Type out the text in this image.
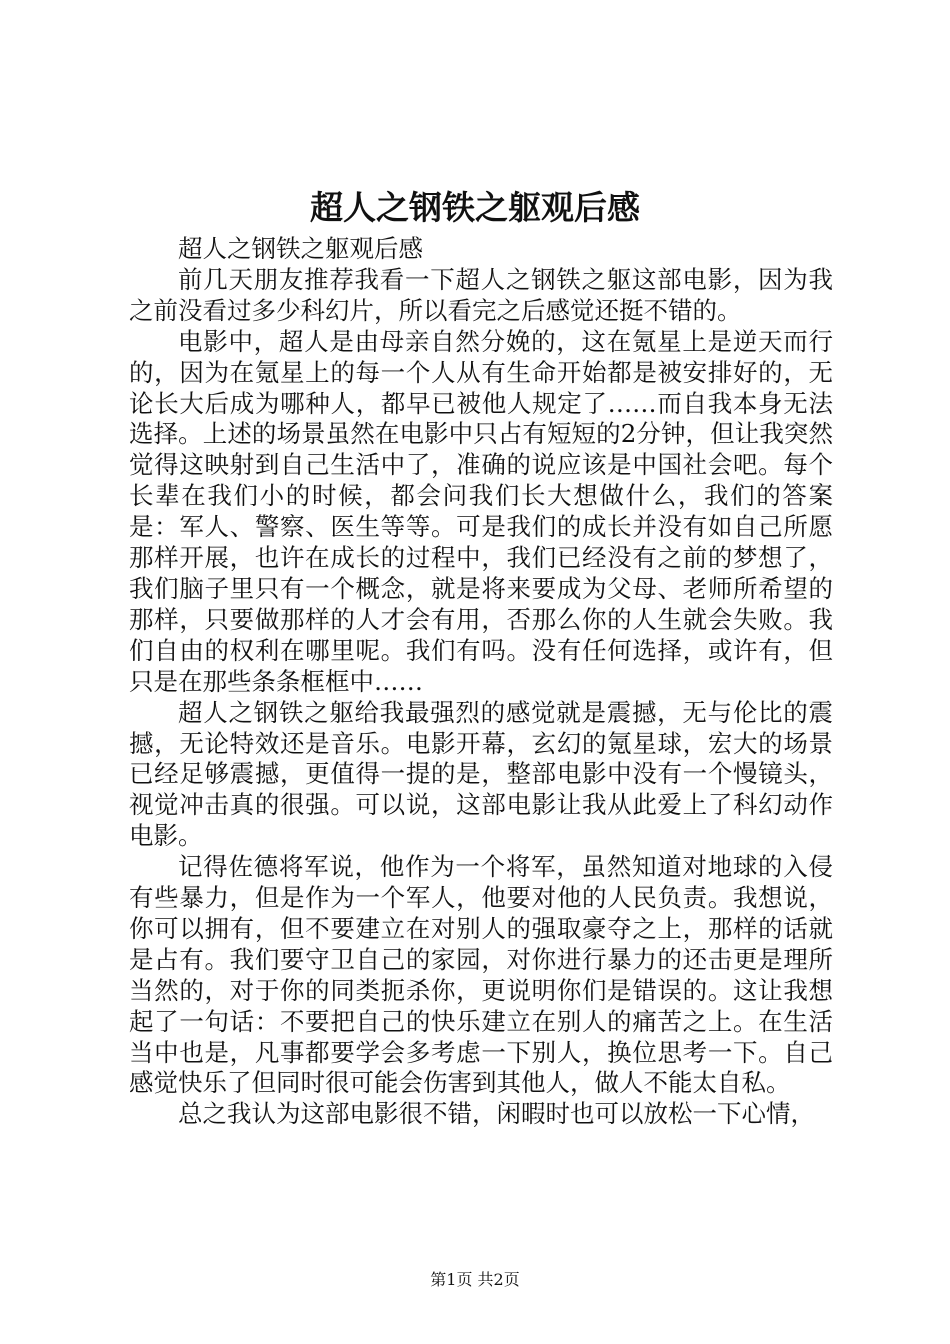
超人之钢铁之躯观后感

超人之钢铁之躯观后感

前几天朋友推荐我看一下超人之钢铁之躯这部电影，因为我之前没看过多少科幻片，所以看完之后感觉还挺不错的。

电影中，超人是由母亲自然分娩的，这在氪星上是逆天而行的，因为在氪星上的每一个人从有生命开始都是被安排好的，无论长大后成为哪种人，都早已被他人规定了……而自我本身无法选择。上述的场景虽然在电影中只占有短短的2分钟，但让我突然觉得这映射到自己生活中了，准确的说应该是中国社会吧。每个长辈在我们小的时候，都会问我们长大想做什么，我们的答案是：军人、警察、医生等等。可是我们的成长并没有如自己所愿那样开展，也许在成长的过程中，我们已经没有之前的梦想了，我们脑子里只有一个概念，就是将来要成为父母、老师所希望的那样，只要做那样的人才会有用，否那么你的人生就会失败。我们自由的权利在哪里呢。我们有吗。没有任何选择，或许有，但只是在那些条条框框中……

超人之钢铁之躯给我最强烈的感觉就是震撼，无与伦比的震撼，无论特效还是音乐。电影开幕，玄幻的氪星球，宏大的场景已经足够震撼，更值得一提的是，整部电影中没有一个慢镜头，视觉冲击真的很强。可以说，这部电影让我从此爱上了科幻动作电影。

记得佐德将军说，他作为一个将军，虽然知道对地球的入侵有些暴力，但是作为一个军人，他要对他的人民负责。我想说，你可以拥有，但不要建立在对别人的强取豪夺之上，那样的话就是占有。我们要守卫自己的家园，对你进行暴力的还击更是理所当然的，对于你的同类扼杀你，更说明你们是错误的。这让我想起了一句话：不要把自己的快乐建立在别人的痛苦之上。在生活当中也是，凡事都要学会多考虑一下别人，换位思考一下。自己感觉快乐了但同时很可能会伤害到其他人，做人不能太自私。

总之我认为这部电影很不错，闲暇时也可以放松一下心情，

第1页 共2页
